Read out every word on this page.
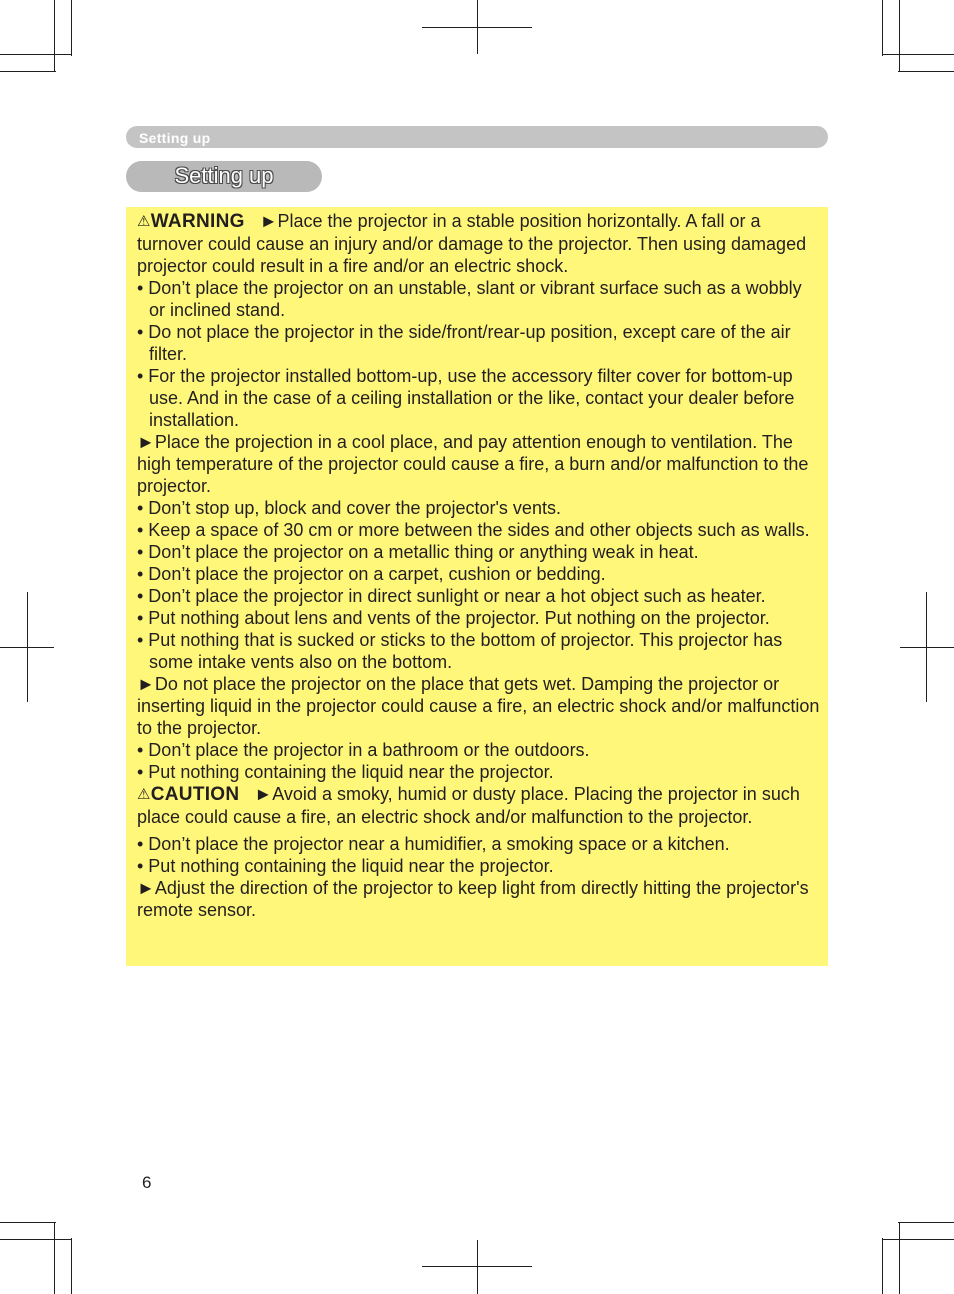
Setting up
Setting up

⚠WARNING ►Place the projector in a stable position horizontally. A fall or a turnover could cause an injury and/or damage to the projector. Then using damaged projector could result in a fire and/or an electric shock.

• Don’t place the projector on an unstable, slant or vibrant surface such as a wobbly or inclined stand.

• Do not place the projector in the side/front/rear-up position, except care of the air filter.

• For the projector installed bottom-up, use the accessory filter cover for bottom-up use. And in the case of a ceiling installation or the like, contact your dealer before installation.

►Place the projection in a cool place, and pay attention enough to ventilation. The high temperature of the projector could cause a fire, a burn and/or malfunction to the projector.

• Don’t stop up, block and cover the projector's vents.

• Keep a space of 30 cm or more between the sides and other objects such as walls.

• Don’t place the projector on a metallic thing or anything weak in heat.

• Don’t place the projector on a carpet, cushion or bedding.

• Don’t place the projector in direct sunlight or near a hot object such as heater.

• Put nothing about lens and vents of the projector. Put nothing on the projector.

• Put nothing that is sucked or sticks to the bottom of projector. This projector has some intake vents also on the bottom.

►Do not place the projector on the place that gets wet. Damping the projector or inserting liquid in the projector could cause a fire, an electric shock and/or malfunction to the projector.

• Don’t place the projector in a bathroom or the outdoors.

• Put nothing containing the liquid near the projector.

⚠CAUTION ►Avoid a smoky, humid or dusty place. Placing the projector in such place could cause a fire, an electric shock and/or malfunction to the projector.

• Don’t place the projector near a humidifier, a smoking space or a kitchen.

• Put nothing containing the liquid near the projector.

►Adjust the direction of the projector to keep light from directly hitting the projector's remote sensor.

6
